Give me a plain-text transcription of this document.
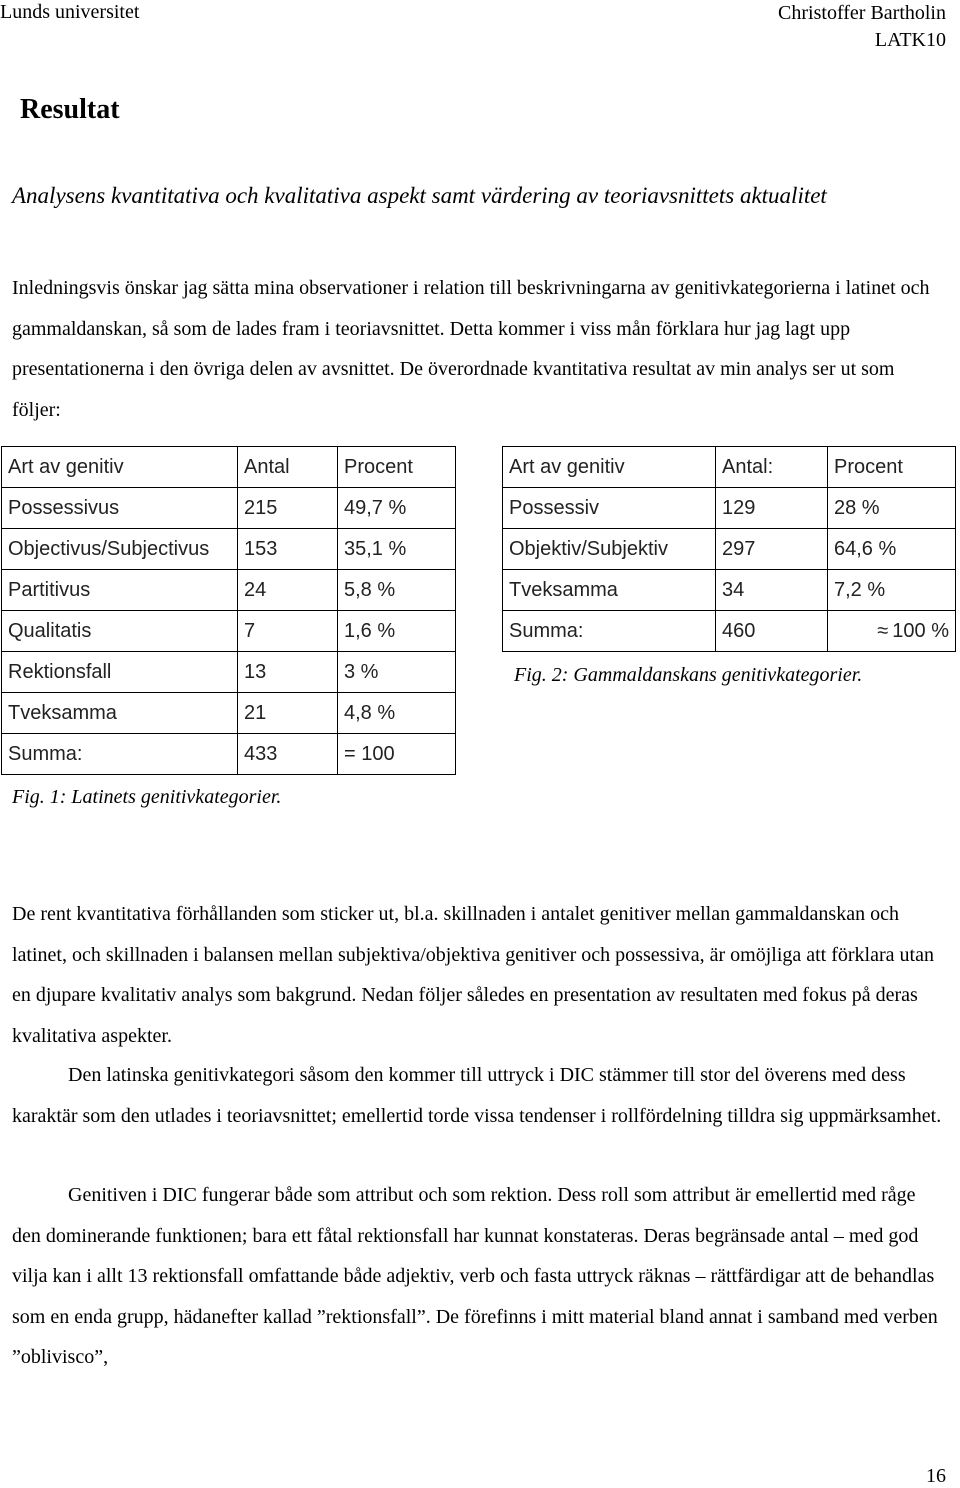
Lunds universitet	Christoffer Bartholin
LATK10
Resultat
Analysens kvantitativa och kvalitativa aspekt samt värdering av teoriavsnittets aktualitet
Inledningsvis önskar jag sätta mina observationer i relation till beskrivningarna av genitivkategorierna i latinet och gammaldanskan, så som de lades fram i teoriavsnittet. Detta kommer i viss mån förklara hur jag lagt upp presentationerna i den övriga delen av avsnittet. De överordnade kvantitativa resultat av min analys ser ut som följer:
Art av genitiv	Antal	Procent
Possessivus	215	49,7 %
Objectivus/Subjectivus	153	35,1 %
Partitivus	24	5,8 %
Qualitatis	7	1,6 %
Rektionsfall	13	3 %
Tveksamma	21	4,8 %
Summa:	433	= 100
Fig. 1: Latinets genitivkategorier.
Art av genitiv	Antal:	Procent
Possessiv	129	28 %
Objektiv/Subjektiv	297	64,6 %
Tveksamma	34	7,2 %
Summa:	460	≈ 100 %
Fig. 2: Gammaldanskans genitivkategorier.
De rent kvantitativa förhållanden som sticker ut, bl.a. skillnaden i antalet genitiver mellan gammaldanskan och latinet, och skillnaden i balansen mellan subjektiva/objektiva genitiver och possessiva, är omöjliga att förklara utan en djupare kvalitativ analys som bakgrund. Nedan följer således en presentation av resultaten med fokus på deras kvalitativa aspekter.
Den latinska genitivkategori såsom den kommer till uttryck i DIC stämmer till stor del överens med dess karaktär som den utlades i teoriavsnittet; emellertid torde vissa tendenser i rollfördelning tilldra sig uppmärksamhet.
Genitiven i DIC fungerar både som attribut och som rektion. Dess roll som attribut är emellertid med råge den dominerande funktionen; bara ett fåtal rektionsfall har kunnat konstateras. Deras begränsade antal – med god vilja kan i allt 13 rektionsfall omfattande både adjektiv, verb och fasta uttryck räknas – rättfärdigar att de behandlas som en enda grupp, hädanefter kallad ”rektionsfall”. De förefinns i mitt material bland annat i samband med verben ”oblivisco”,
16
